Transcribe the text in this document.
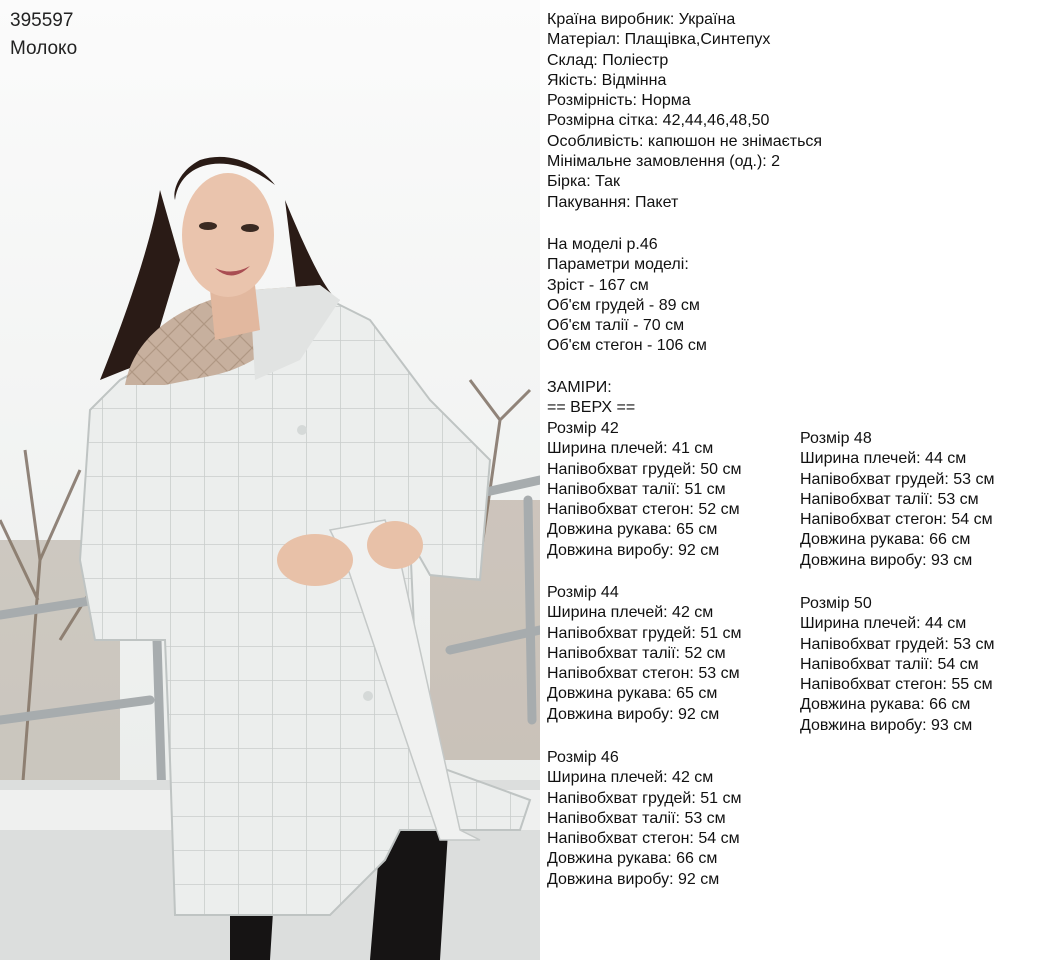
395597
Молоко
Країна виробник: Україна
Матеріал: Плащівка,Синтепух
Склад: Поліестр
Якість: Відмінна
Розмірність: Норма
Розмірна сітка: 42,44,46,48,50
Особливість: капюшон не знімається
Мінімальне замовлення (од.): 2
Бірка: Так
Пакування: Пакет
На моделі р.46
Параметри моделі:
Зріст - 167 см
Об'єм грудей - 89 см
Об'єм талії - 70 см
Об'єм стегон - 106 см
ЗАМІРИ:
== ВЕРХ ==
Розмір 42
Ширина плечей: 41 см
Напівобхват грудей: 50 см
Напівобхват талії: 51 см
Напівобхват стегон: 52 см
Довжина рукава: 65 см
Довжина виробу: 92 см
Розмір 44
Ширина плечей: 42 см
Напівобхват грудей: 51 см
Напівобхват талії: 52 см
Напівобхват стегон: 53 см
Довжина рукава: 65 см
Довжина виробу: 92 см
Розмір 46
Ширина плечей: 42 см
Напівобхват грудей: 51 см
Напівобхват талії: 53 см
Напівобхват стегон: 54 см
Довжина рукава: 66 см
Довжина виробу: 92 см
Розмір 48
Ширина плечей: 44 см
Напівобхват грудей: 53 см
Напівобхват талії: 53 см
Напівобхват стегон: 54 см
Довжина рукава: 66 см
Довжина виробу: 93 см
Розмір 50
Ширина плечей: 44 см
Напівобхват грудей: 53 см
Напівобхват талії: 54 см
Напівобхват стегон: 55 см
Довжина рукава: 66 см
Довжина виробу: 93 см
